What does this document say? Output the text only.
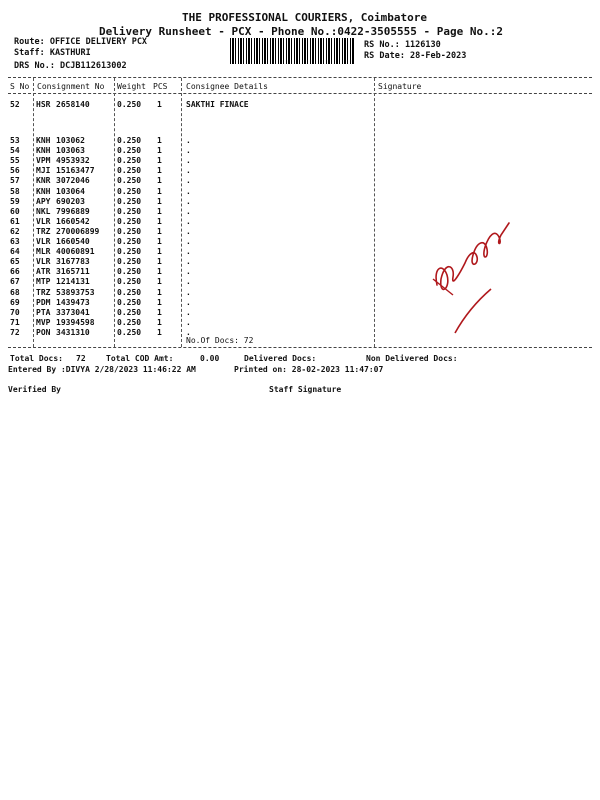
THE PROFESSIONAL COURIERS, Coimbatore
Delivery Runsheet - PCX - Phone No.:0422-3505555 - Page No.:2
Route: OFFICE DELIVERY PCX
Staff: KASTHURI
DRS No.: DCJB112613002
RS No.: 1126130
RS Date: 28-Feb-2023
S No Consignment No Weight PCS Consignee Details	Signature
52 HSR 2658140	0.250 1	SAKTHI FINACE
53 KNH 103062	0.250 1	.
54 KNH 103063	0.250 1	.
55 VPM 4953932	0.250 1	.
56 MJI 15163477	0.250 1	.
57 KNR 3072046	0.250 1	.
58 KNH 103064	0.250 1	.
59 APY 690203	0.250 1	.
60 NKL 7996889	0.250 1	.
61 VLR 1660542	0.250 1	.
62 TRZ 270006899 0.250 1	.
63 VLR 1660540	0.250 1	.
64 MLR 40060891	0.250 1	.
65 VLR 3167783	0.250 1	.
66 ATR 3165711	0.250 1	.
67 MTP 1214131	0.250 1	.
68 TRZ 53893753	0.250 1	.
69 PDM 1439473	0.250 1	.
70 PTA 3373041	0.250 1	.
71 MVP 19394598	0.250 1	.
72 PON 3431310	0.250 1	.
No.Of Docs: 72
Total Docs: 72	Total COD Amt:	0.00	Delivered Docs:	Non Delivered Docs:
Entered By :DIVYA 2/28/2023 11:46:22 AM	Printed on: 28-02-2023 11:47:07
Verified By	Staff Signature
